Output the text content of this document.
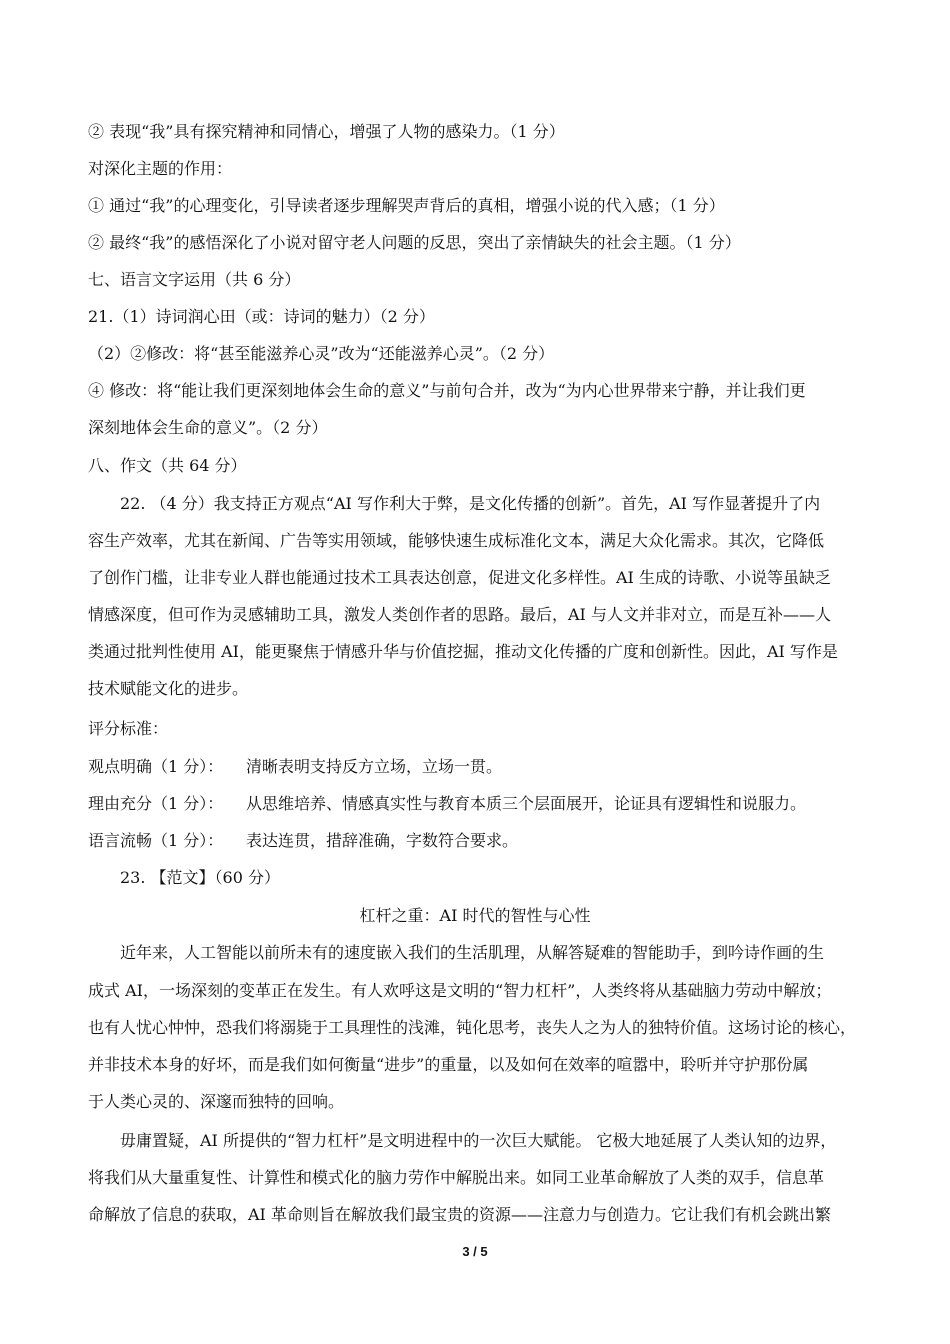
② 表现“我”具有探究精神和同情心，增强了人物的感染力。（1 分）
对深化主题的作用：
① 通过“我”的心理变化，引导读者逐步理解哭声背后的真相，增强小说的代入感；（1 分）
② 最终“我”的感悟深化了小说对留守老人问题的反思，突出了亲情缺失的社会主题。（1 分）
七、语言文字运用（共 6 分）
21.（1）诗词润心田（或：诗词的魅力）（2 分）
（2）②修改：将“甚至能滋养心灵”改为“还能滋养心灵”。（2 分）
④ 修改：将“能让我们更深刻地体会生命的意义”与前句合并，改为“为内心世界带来宁静，并让我们更
深刻地体会生命的意义”。（2 分）
八、作文（共 64 分）
22. （4 分）我支持正方观点“AI 写作利大于弊，是文化传播的创新”。首先，AI 写作显著提升了内
容生产效率，尤其在新闻、广告等实用领域，能够快速生成标准化文本，满足大众化需求。其次，它降低
了创作门槛，让非专业人群也能通过技术工具表达创意，促进文化多样性。AI 生成的诗歌、小说等虽缺乏
情感深度，但可作为灵感辅助工具，激发人类创作者的思路。最后，AI 与人文并非对立，而是互补——人
类通过批判性使用 AI，能更聚焦于情感升华与价值挖掘，推动文化传播的广度和创新性。因此，AI 写作是
技术赋能文化的进步。
评分标准：
观点明确（1 分）： 清晰表明支持反方立场，立场一贯。
理由充分（1 分）： 从思维培养、情感真实性与教育本质三个层面展开，论证具有逻辑性和说服力。
语言流畅（1 分）： 表达连贯，措辞准确，字数符合要求。
23. 【范文】（60 分）
杠杆之重：AI 时代的智性与心性
近年来，人工智能以前所未有的速度嵌入我们的生活肌理，从解答疑难的智能助手，到吟诗作画的生
成式 AI，一场深刻的变革正在发生。有人欢呼这是文明的“智力杠杆”，人类终将从基础脑力劳动中解放；
也有人忧心忡忡，恐我们将溺毙于工具理性的浅滩，钝化思考，丧失人之为人的独特价值。这场讨论的核心，
并非技术本身的好坏，而是我们如何衡量“进步”的重量，以及如何在效率的喧嚣中，聆听并守护那份属
于人类心灵的、深邃而独特的回响。
毋庸置疑，AI 所提供的“智力杠杆”是文明进程中的一次巨大赋能。 它极大地延展了人类认知的边界，
将我们从大量重复性、计算性和模式化的脑力劳作中解脱出来。如同工业革命解放了人类的双手，信息革
命解放了信息的获取，AI 革命则旨在解放我们最宝贵的资源——注意力与创造力。它让我们有机会跳出繁
3 / 5
